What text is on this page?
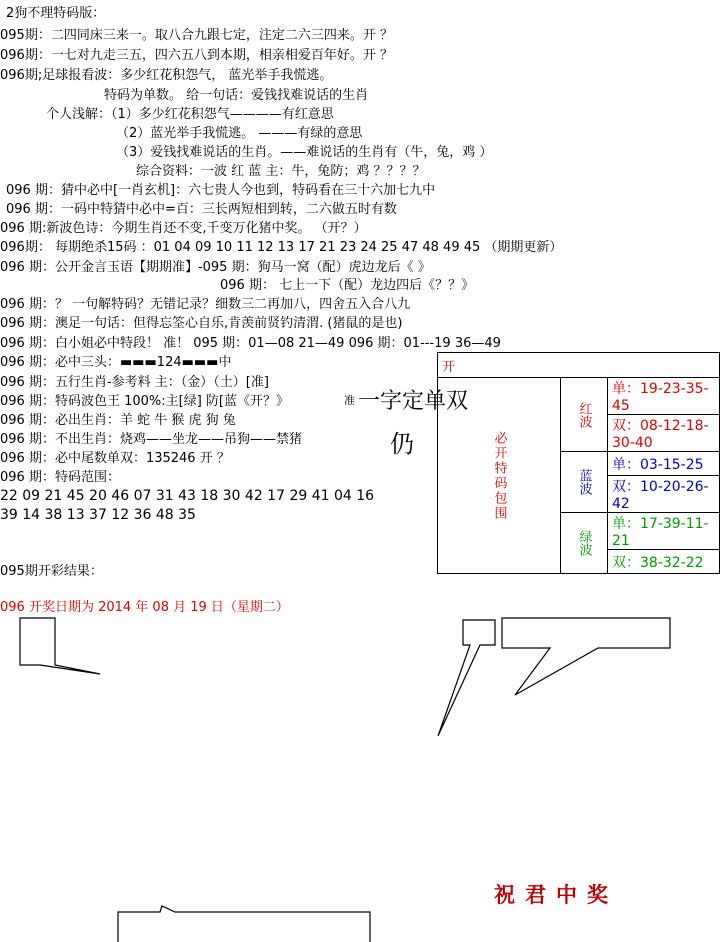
2狗不理特码版：
095期：二四同床三来一。取八合九跟七定，注定二六三四来。开 ？
096期：一七对九走三五，四六五八到本期，相亲相爱百年好。开 ？
096期;足球报看波：多少红花积怨气， 蓝光举手我慌逃。
特码为单数。 给一句话：爱钱找难说话的生肖
个人浅解：（1）多少红花积怨气————有红意思
（2）蓝光举手我慌逃。 ———有绿的意思
（3）爱钱找难说话的生肖。——难说话的生肖有（牛，兔，鸡 ）
综合资料：一波 红 蓝 主：牛，兔防；鸡 ？？？？
096 期：猜中必中[一肖玄机]：六七贵人今也到，特码看在三十六加七九中
096 期：一码中特猜中必中=百：三长两短相到转，二六做五时有数
096 期:新波色诗：今期生肖还不变,千变万化猪中奖。 （开？）
096期： 每期绝杀15码 ：01 04 09 10 11 12 13 17 21 23 24 25 47 48 49 45 （期期更新）
096 期：公开金言玉语【期期准】-095 期：狗马一窝（配）虎边龙后《 》
096 期： 七上一下（配）龙边四后《？？》
096 期：？ 一句解特码？无错记录？细数三二再加八，四舍五入合八九
096 期：澳足一句话：但得忘筌心自乐,肯羡前贤钓清渭. (猪鼠的是也)
096 期：白小姐必中特段！ 准！ 095 期：01—08 21—49 096 期：01---19 36—49
096 期：必中三头：▬▬▬124▬▬▬中
096 期：五行生肖-参考料 主：（金）（土）[准]
096 期：特码波色王 100%:主[绿] 防[蓝《开？》
096 期：必出生肖：羊 蛇 牛 猴 虎 狗 兔
096 期：不出生肖：烧鸡——坐龙——吊狗——禁猪
096 期：必中尾数单双：135246 开 ？
096 期：特码范围：
22 09 21 45 20 46 07 31 43 18 30 42 17 29 41 04 16
39 14 38 13 37 12 36 48 35
准 一字定单双
仍
开		
必开特码包围	红波	单：19-23-35-45
		双：08-12-18-30-40
	蓝波	单：03-15-25
		双：10-20-26-42
	绿波	单：17-39-11-21
		双：38-32-22
095期开彩结果：
096 开奖日期为 2014 年 08 月 19 日（星期二）
祝君中奖
